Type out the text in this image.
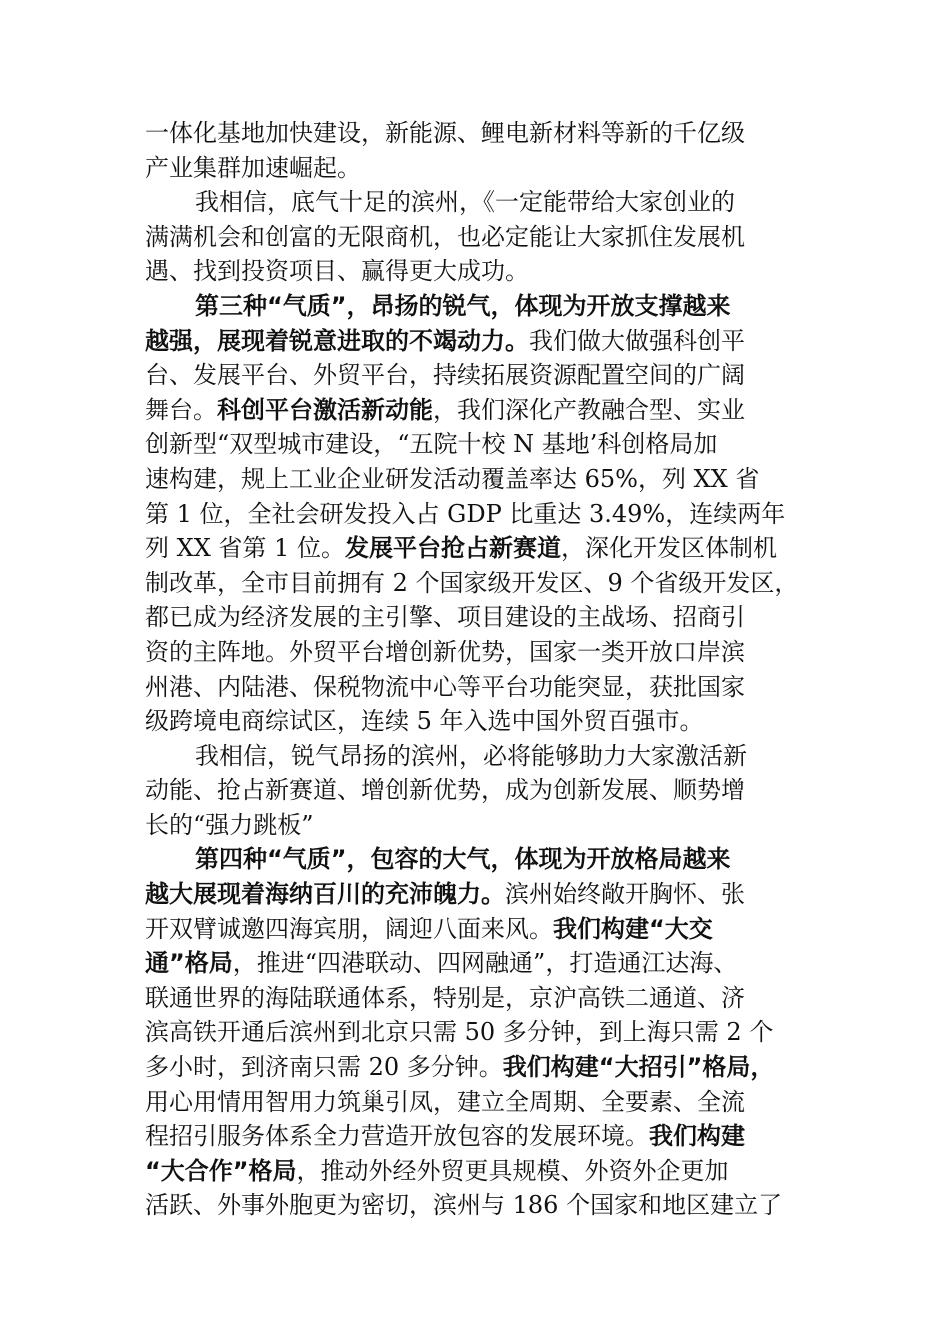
一体化基地加快建设，新能源、鲤电新材料等新的千亿级
产业集群加速崛起。
我相信，底气十足的滨州，《一定能带给大家创业的
满满机会和创富的无限商机，也必定能让大家抓住发展机
遇、找到投资项目、赢得更大成功。
第三种“气质”，昂扬的锐气，体现为开放支撑越来
越强，展现着锐意进取的不竭动力。我们做大做强科创平
台、发展平台、外贸平台，持续拓展资源配置空间的广阔
舞台。科创平台激活新动能，我们深化产教融合型、实业
创新型“双型城市建设，“五院十校 N 基地’科创格局加
速构建，规上工业企业研发活动覆盖率达 65%，列 XX 省
第 1 位，全社会研发投入占 GDP 比重达 3.49%，连续两年
列 XX 省第 1 位。发展平台抢占新赛道，深化开发区体制机
制改革，全市目前拥有 2 个国家级开发区、9 个省级开发区，
都已成为经济发展的主引擎、项目建设的主战场、招商引
资的主阵地。外贸平台增创新优势，国家一类开放口岸滨
州港、内陆港、保税物流中心等平台功能突显，获批国家
级跨境电商综试区，连续 5 年入选中国外贸百强市。
我相信，锐气昂扬的滨州，必将能够助力大家激活新
动能、抢占新赛道、增创新优势，成为创新发展、顺势增
长的“强力跳板”
第四种“气质”，包容的大气，体现为开放格局越来
越大展现着海纳百川的充沛魄力。滨州始终敞开胸怀、张
开双臂诚邀四海宾朋，阔迎八面来风。我们构建“大交
通”格局，推进“四港联动、四网融通”，打造通江达海、
联通世界的海陆联通体系，特别是，京沪高铁二通道、济
滨高铁开通后滨州到北京只需 50 多分钟，到上海只需 2 个
多小时，到济南只需 20 多分钟。我们构建“大招引”格局，
用心用情用智用力筑巢引凤，建立全周期、全要素、全流
程招引服务体系全力营造开放包容的发展环境。我们构建
“大合作”格局，推动外经外贸更具规模、外资外企更加
活跃、外事外胞更为密切，滨州与 186 个国家和地区建立了
